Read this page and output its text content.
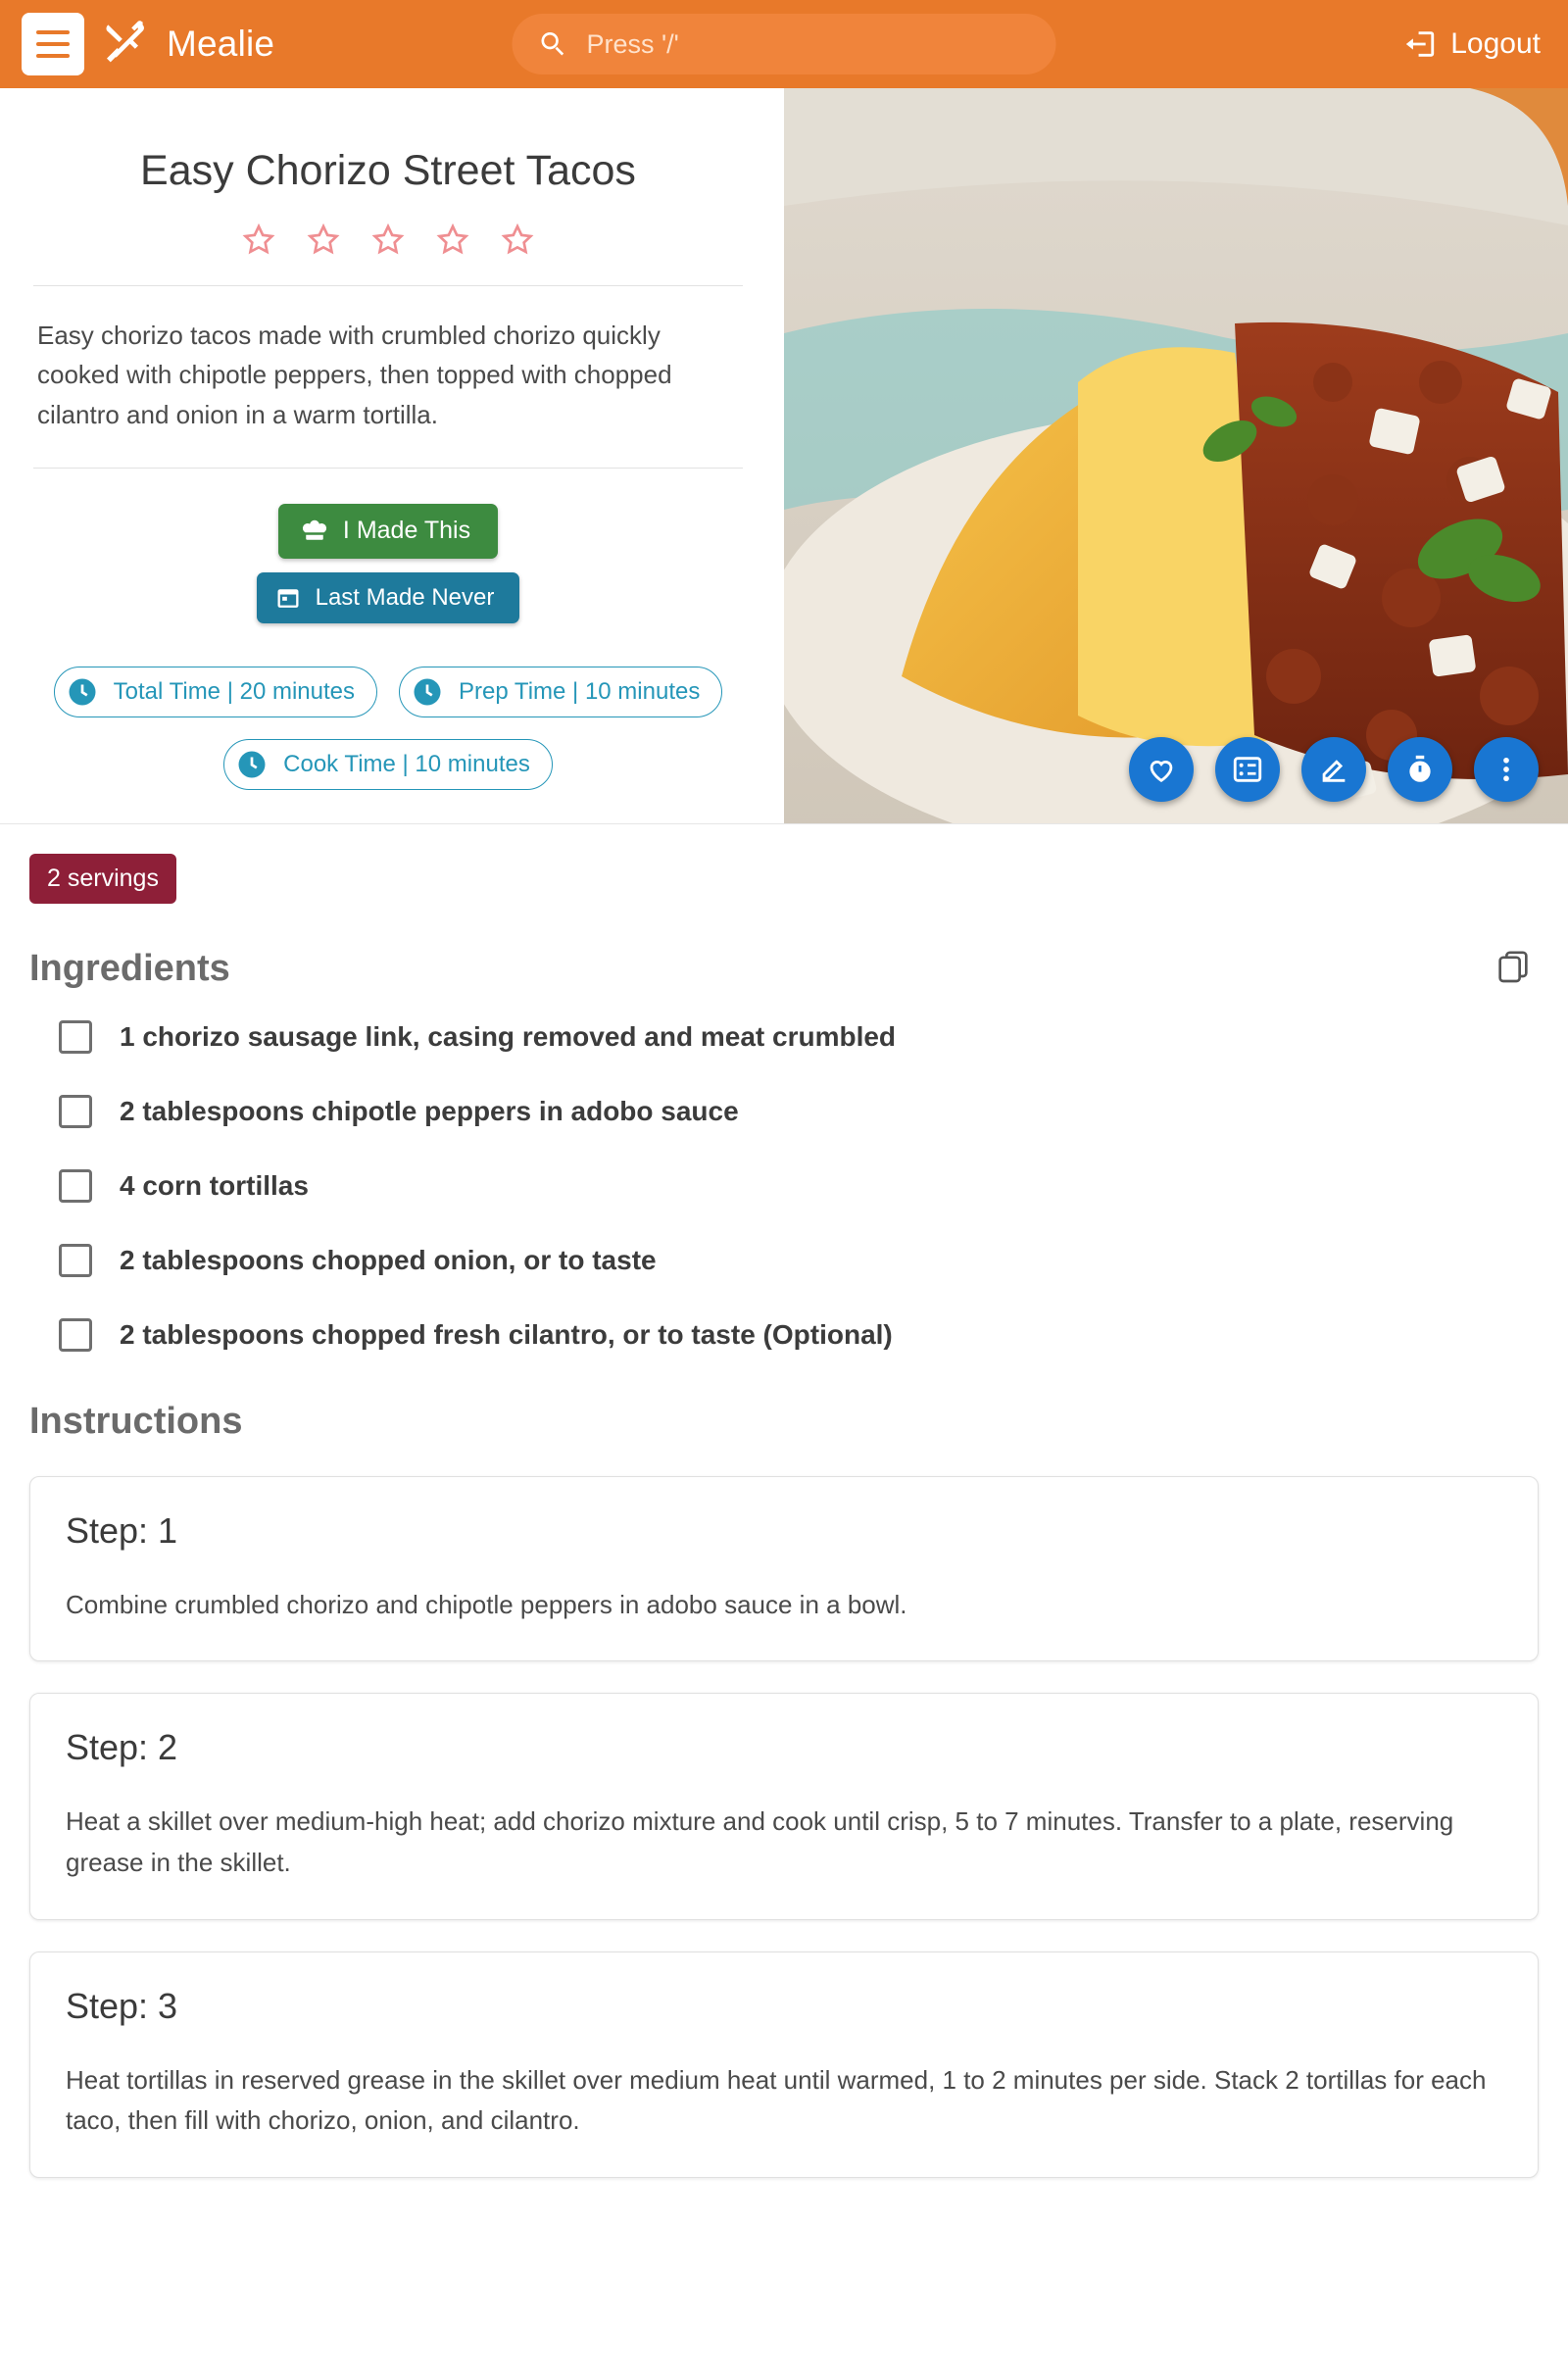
Mealie
Press '/'	Logout
Easy Chorizo Street Tacos

Easy chorizo tacos made with crumbled chorizo quickly cooked with chipotle peppers, then topped with chopped cilantro and onion in a warm tortilla.

I Made This
Last Made Never
Total Time | 20 minutes	Prep Time | 10 minutes
Cook Time | 10 minutes
2 servings
Ingredients
1 chorizo sausage link, casing removed and meat crumbled
2 tablespoons chipotle peppers in adobo sauce
4 corn tortillas
2 tablespoons chopped onion, or to taste
2 tablespoons chopped fresh cilantro, or to taste (Optional)
Instructions
Step: 1
Combine crumbled chorizo and chipotle peppers in adobo sauce in a bowl.
Step: 2
Heat a skillet over medium-high heat; add chorizo mixture and cook until crisp, 5 to 7 minutes. Transfer to a plate, reserving grease in the skillet.
Step: 3
Heat tortillas in reserved grease in the skillet over medium heat until warmed, 1 to 2 minutes per side. Stack 2 tortillas for each taco, then fill with chorizo, onion, and cilantro.
